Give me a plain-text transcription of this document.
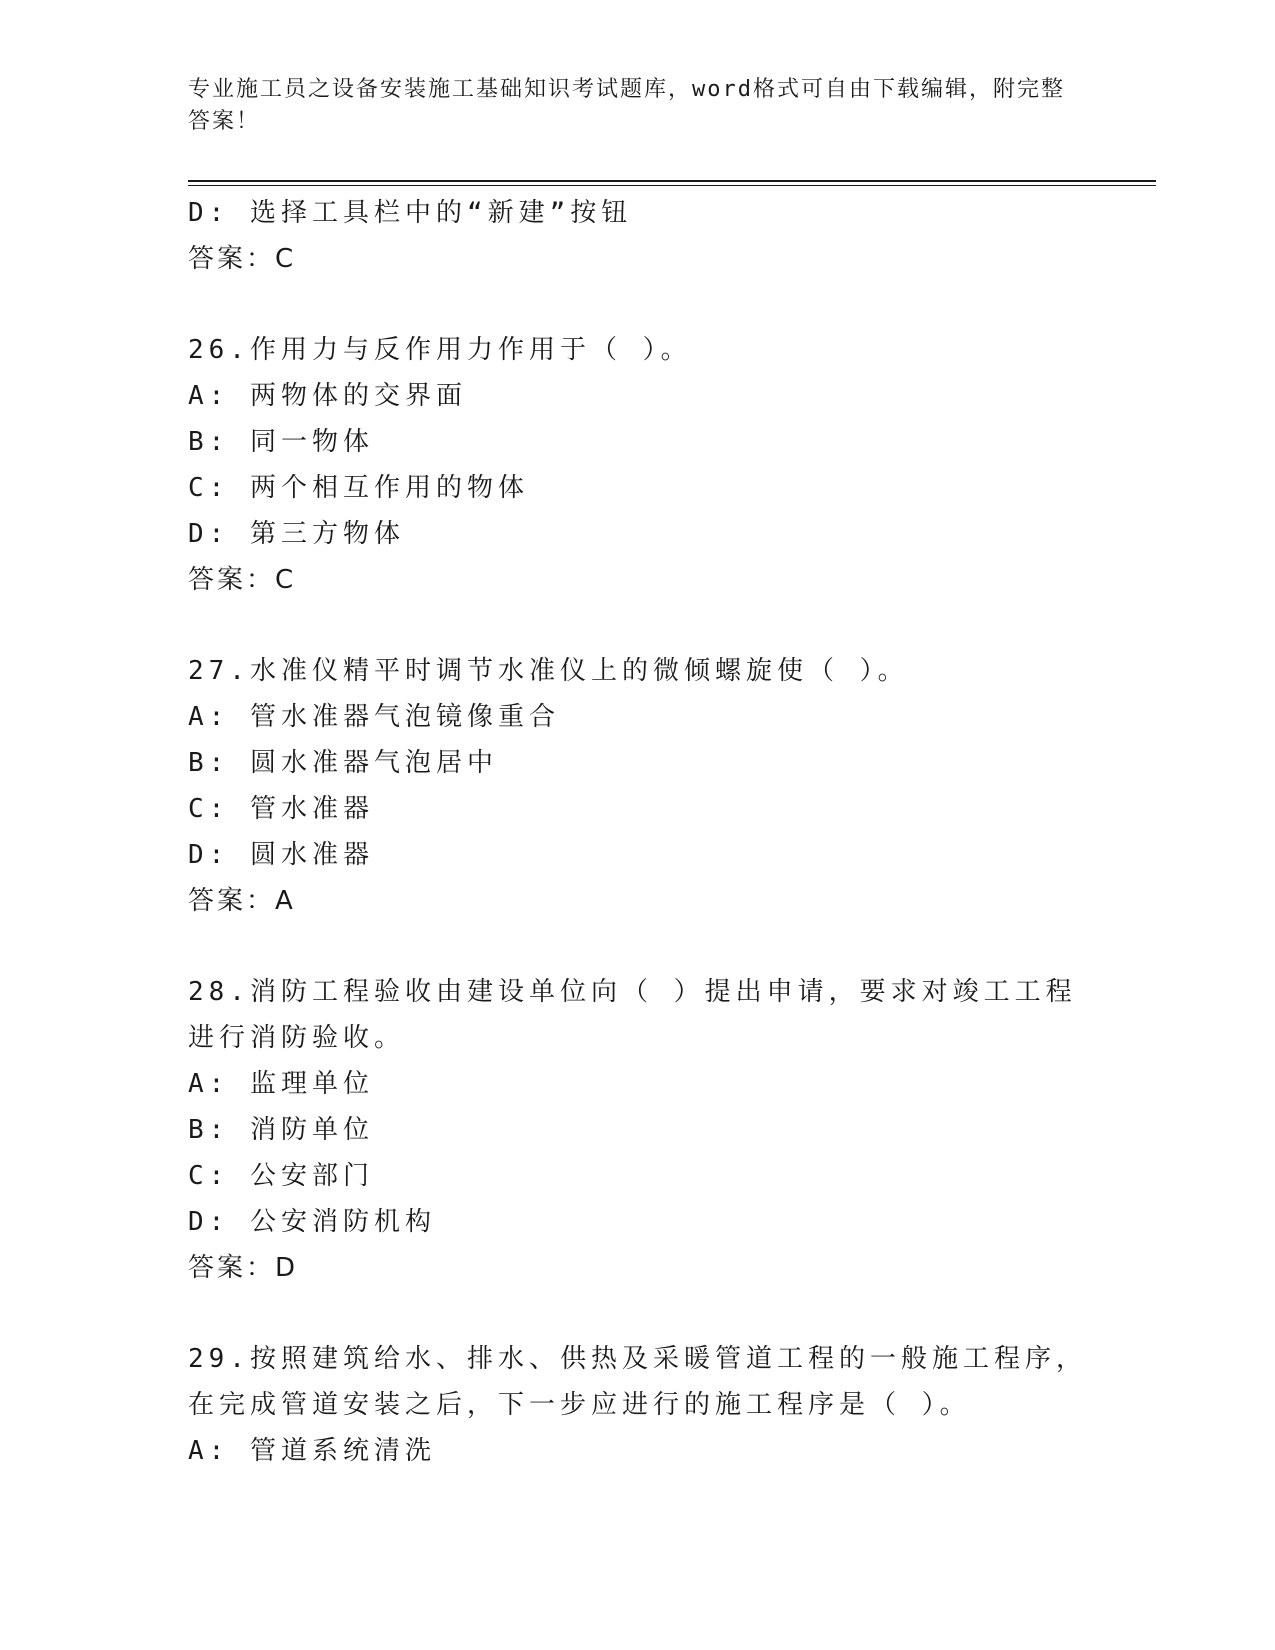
专业施工员之设备安装施工基础知识考试题库，word格式可自由下载编辑，附完整答案！
D: 选择工具栏中的“新建”按钮
答案：C
26.作用力与反作用力作用于（ ）。
A: 两物体的交界面
B: 同一物体
C: 两个相互作用的物体
D: 第三方物体
答案：C
27.水准仪精平时调节水准仪上的微倾螺旋使（ ）。
A: 管水准器气泡镜像重合
B: 圆水准器气泡居中
C: 管水准器
D: 圆水准器
答案：A
28.消防工程验收由建设单位向（ ）提出申请，要求对竣工工程进行消防验收。
A: 监理单位
B: 消防单位
C: 公安部门
D: 公安消防机构
答案：D
29.按照建筑给水、排水、供热及采暖管道工程的一般施工程序，在完成管道安装之后，下一步应进行的施工程序是（ ）。
A: 管道系统清洗
